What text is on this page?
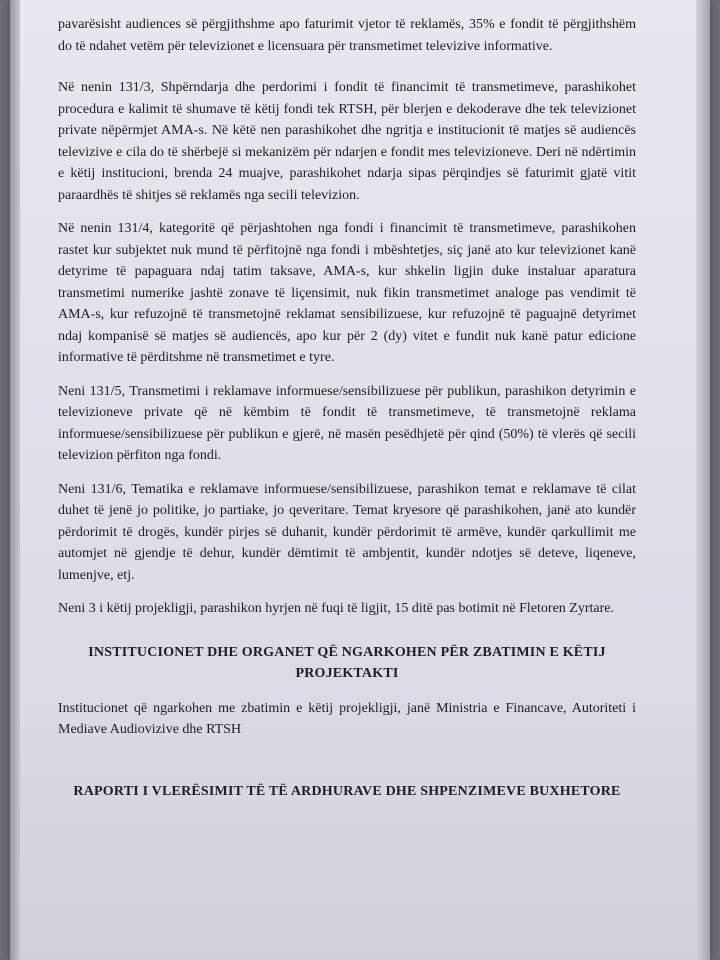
pavarësisht audiences së përgjithshme apo faturimit vjetor të reklamës, 35% e fondit të përgjithshëm do të ndahet vetëm për televizionet e licensuara për transmetimet televizive informative.

Në nenin 131/3, Shpërndarja dhe perdorimi i fondit të financimit të transmetimeve, parashikohet procedura e kalimit të shumave të këtij fondi tek RTSH, për blerjen e dekoderave dhe tek televizionet private nëpërmjet AMA-s. Në këtë nen parashikohet dhe ngritja e institucionit të matjes së audiencës televizive e cila do të shërbejë si mekanizëm për ndarjen e fondit mes televizioneve. Deri në ndërtimin e këtij institucioni, brenda 24 muajve, parashikohet ndarja sipas përqindjes së faturimit gjatë vitit paraardhës të shitjes së reklamës nga secili televizion.

Në nenin 131/4, kategoritë që përjashtohen nga fondi i financimit të transmetimeve, parashikohen rastet kur subjektet nuk mund të përfitojnë nga fondi i mbështetjes, siç janë ato kur televizionet kanë detyrime të papaguara ndaj tatim taksave, AMA-s, kur shkelin ligjin duke instaluar aparatura transmetimi numerike jashtë zonave të liçensimit, nuk fikin transmetimet analoge pas vendimit të AMA-s, kur refuzojnë të transmetojnë reklamat sensibilizuese, kur refuzojnë të paguajnë detyrimet ndaj kompanisë së matjes së audiencës, apo kur për 2 (dy) vitet e fundit nuk kanë patur edicione informative të përditshme në transmetimet e tyre.

Neni 131/5, Transmetimi i reklamave informuese/sensibilizuese për publikun, parashikon detyrimin e televizioneve private që në këmbim të fondit të transmetimeve, të transmetojnë reklama informuese/sensibilizuese për publikun e gjerë, në masën pesëdhjetë për qind (50%) të vlerës që secili televizion përfiton nga fondi.

Neni 131/6, Tematika e reklamave informuese/sensibilizuese, parashikon temat e reklamave të cilat duhet të jenë jo politike, jo partiake, jo qeveritare. Temat kryesore që parashikohen, janë ato kundër përdorimit të drogës, kundër pirjes së duhanit, kundër përdorimit të armëve, kundër qarkullimit me automjet në gjendje të dehur, kundër dëmtimit të ambjentit, kundër ndotjes së deteve, liqeneve, lumenjve, etj.

Neni 3 i këtij projekligji, parashikon hyrjen në fuqi të ligjit, 15 ditë pas botimit në Fletoren Zyrtare.

INSTITUCIONET DHE ORGANET QË NGARKOHEN PËR ZBATIMIN E KËTIJ PROJEKTAKTI

Institucionet që ngarkohen me zbatimin e këtij projekligji, janë Ministria e Financave, Autoriteti i Mediave Audiovizive dhe RTSH

RAPORTI I VLERËSIMIT TË TË ARDHURAVE DHE SHPENZIMEVE BUXHETORE
